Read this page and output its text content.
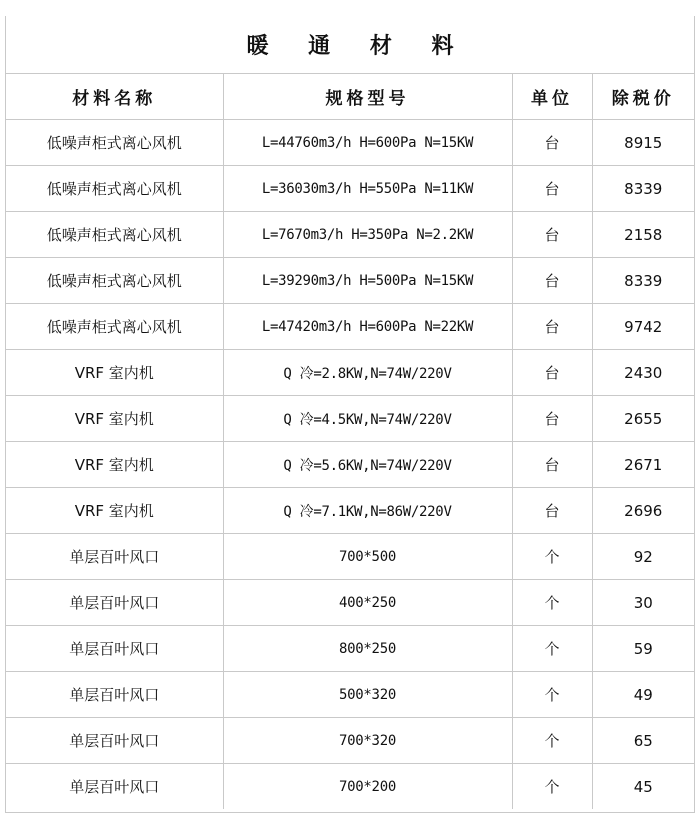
暖 通 材 料
材料名称	规格型号	单位	除税价
低噪声柜式离心风机	L=44760m3/h H=600Pa N=15KW	台	8915
低噪声柜式离心风机	L=36030m3/h H=550Pa N=11KW	台	8339
低噪声柜式离心风机	L=7670m3/h H=350Pa N=2.2KW	台	2158
低噪声柜式离心风机	L=39290m3/h H=500Pa N=15KW	台	8339
低噪声柜式离心风机	L=47420m3/h H=600Pa N=22KW	台	9742
VRF 室内机	Q 冷=2.8KW,N=74W/220V	台	2430
VRF 室内机	Q 冷=4.5KW,N=74W/220V	台	2655
VRF 室内机	Q 冷=5.6KW,N=74W/220V	台	2671
VRF 室内机	Q 冷=7.1KW,N=86W/220V	台	2696
单层百叶风口	700*500	个	92
单层百叶风口	400*250	个	30
单层百叶风口	800*250	个	59
单层百叶风口	500*320	个	49
单层百叶风口	700*320	个	65
单层百叶风口	700*200	个	45
